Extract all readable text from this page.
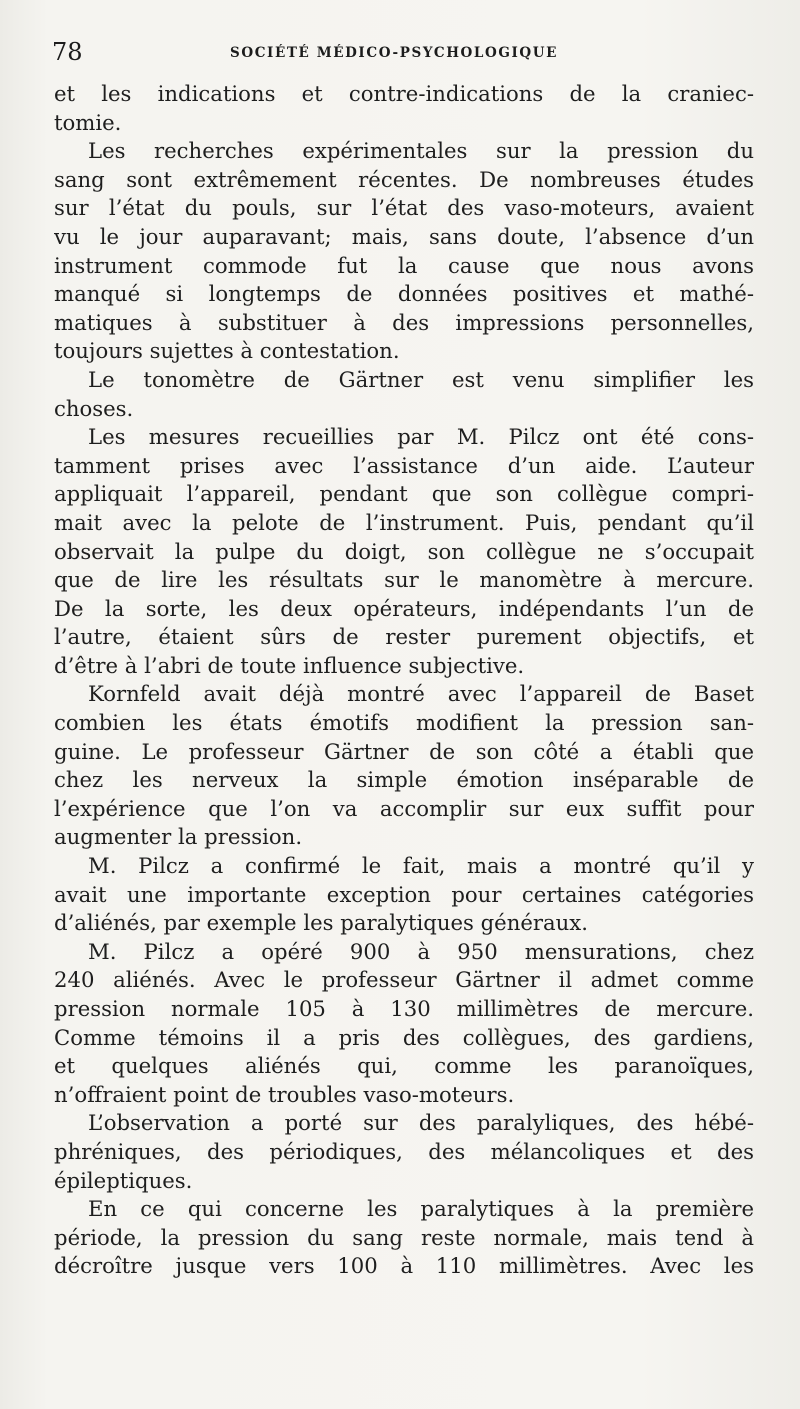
78	SOCIÉTÉ MÉDICO-PSYCHOLOGIQUE
et les indications et contre-indications de la craniec-
tomie.
Les recherches expérimentales sur la pression du
sang sont extrêmement récentes. De nombreuses études
sur l’état du pouls, sur l’état des vaso-moteurs, avaient
vu le jour auparavant; mais, sans doute, l’absence d’un
instrument commode fut la cause que nous avons
manqué si longtemps de données positives et mathé-
matiques à substituer à des impressions personnelles,
toujours sujettes à contestation.
Le tonomètre de Gärtner est venu simplifier les
choses.
Les mesures recueillies par M. Pilcz ont été cons-
tamment prises avec l’assistance d’un aide. L’auteur
appliquait l’appareil, pendant que son collègue compri-
mait avec la pelote de l’instrument. Puis, pendant qu’il
observait la pulpe du doigt, son collègue ne s’occupait
que de lire les résultats sur le manomètre à mercure.
De la sorte, les deux opérateurs, indépendants l’un de
l’autre, étaient sûrs de rester purement objectifs, et
d’être à l’abri de toute influence subjective.
Kornfeld avait déjà montré avec l’appareil de Baset
combien les états émotifs modifient la pression san-
guine. Le professeur Gärtner de son côté a établi que
chez les nerveux la simple émotion inséparable de
l’expérience que l’on va accomplir sur eux suffit pour
augmenter la pression.
M. Pilcz a confirmé le fait, mais a montré qu’il y
avait une importante exception pour certaines catégories
d’aliénés, par exemple les paralytiques généraux.
M. Pilcz a opéré 900 à 950 mensurations, chez
240 aliénés. Avec le professeur Gärtner il admet comme
pression normale 105 à 130 millimètres de mercure.
Comme témoins il a pris des collègues, des gardiens,
et quelques aliénés qui, comme les paranoïques,
n’offraient point de troubles vaso-moteurs.
L’observation a porté sur des paralyliques, des hébé-
phréniques, des périodiques, des mélancoliques et des
épileptiques.
En ce qui concerne les paralytiques à la première
période, la pression du sang reste normale, mais tend à
décroître jusque vers 100 à 110 millimètres. Avec les
